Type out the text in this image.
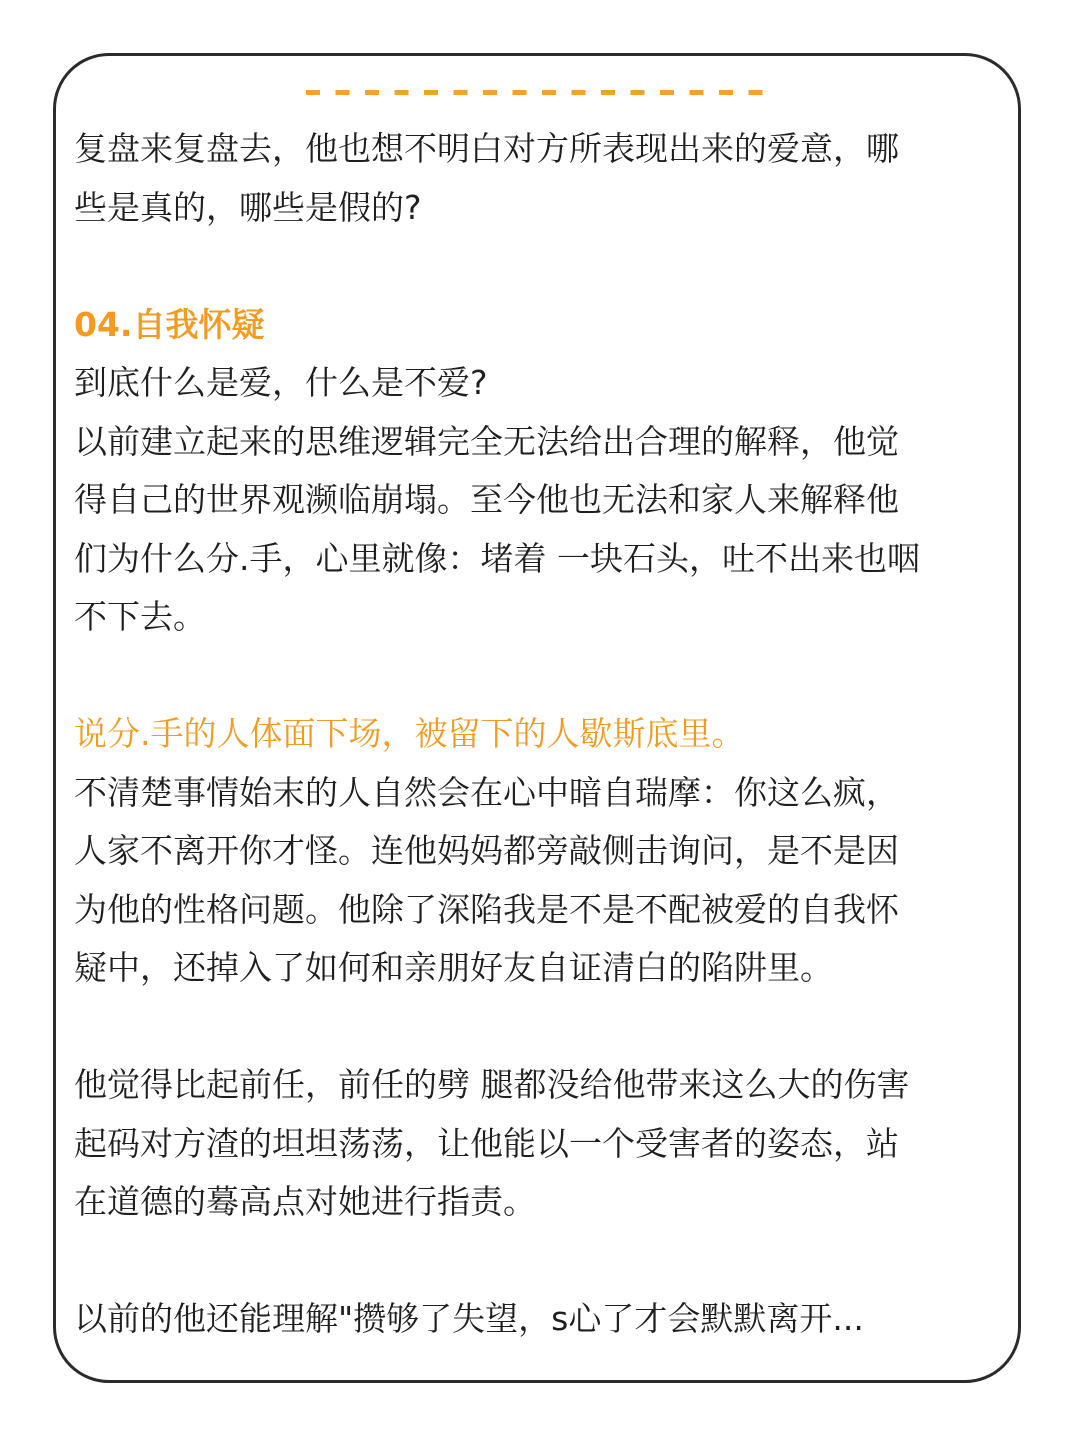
复盘来复盘去，他也想不明白对方所表现出来的爱意，哪
些是真的，哪些是假的?

04.自我怀疑

到底什么是爱，什么是不爱?
以前建立起来的思维逻辑完全无法给出合理的解释，他觉
得自己的世界观濒临崩塌。至今他也无法和家人来解释他
们为什么分.手，心里就像：堵着 一块石头，吐不出来也咽
不下去。

说分.手的人体面下场，被留下的人歇斯底里。

不清楚事情始末的人自然会在心中暗自瑞摩：你这么疯，
人家不离开你才怪。连他妈妈都旁敲侧击询问，是不是因
为他的性格问题。他除了深陷我是不是不配被爱的自我怀
疑中，还掉入了如何和亲朋好友自证清白的陷阱里。

他觉得比起前任，前任的劈 腿都没给他带来这么大的伤害
起码对方渣的坦坦荡荡，让他能以一个受害者的姿态，站
在道德的蓦高点对她进行指责。

以前的他还能理解"攒够了失望，s心了才会默默离开...
